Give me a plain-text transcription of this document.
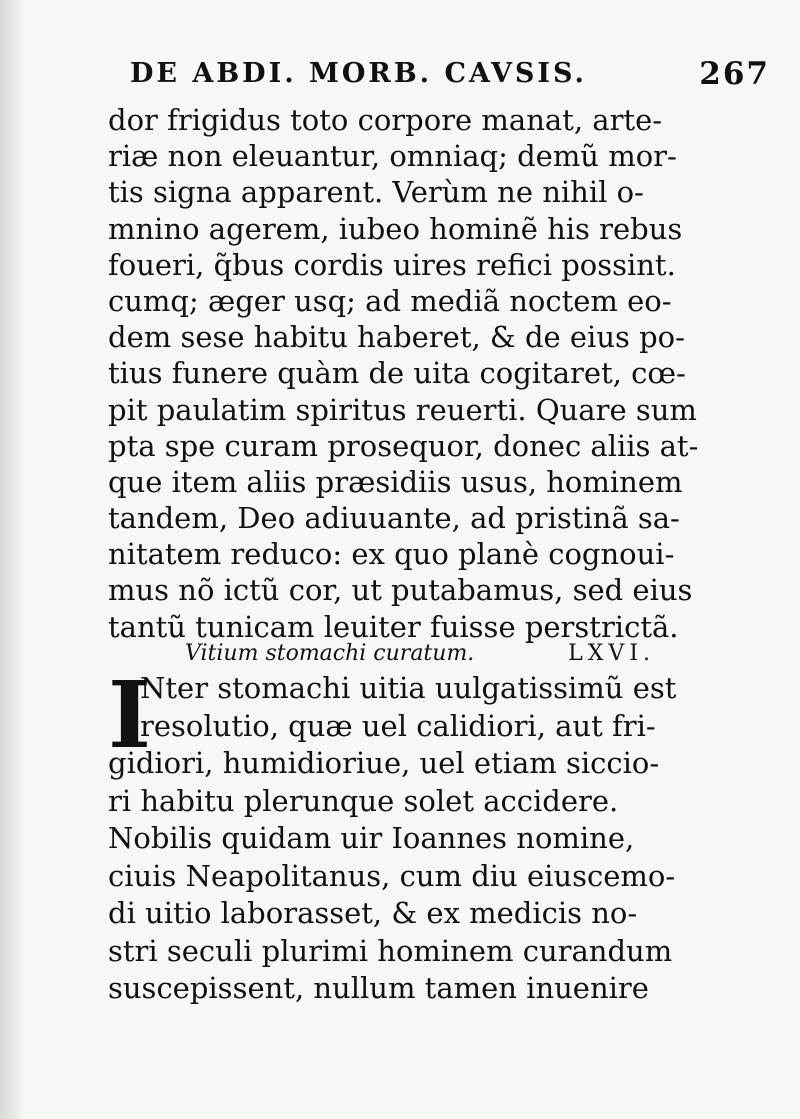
DE ABDI. MORB. CAVSIS.	267
dor frigidus toto corpore manat, arte-
riæ non eleuantur, omniaq; demũ mor-
tis signa apparent. Verùm ne nihil o-
mnino agerem, iubeo hominẽ his rebus
foueri, q̃bus cordis uires refici possint.
cumq; æger usq; ad mediã noctem eo-
dem sese habitu haberet, & de eius po-
tius funere quàm de uita cogitaret, cœ-
pit paulatim spiritus reuerti. Quare sum
pta spe curam prosequor, donec aliis at-
que item aliis præsidiis usus, hominem
tandem, Deo adiuuante, ad pristinã sa-
nitatem reduco: ex quo planè cognoui-
mus nõ ictũ cor, ut putabamus, sed eius
tantũ tunicam leuiter fuisse perstrictã.
Vitium stomachi curatum.	LXVI.
I
Nter stomachi uitia uulgatissimũ est
resolutio, quæ uel calidiori, aut fri-
gidiori, humidioriue, uel etiam siccio-
ri habitu plerunque solet accidere.
Nobilis quidam uir Ioannes nomine,
ciuis Neapolitanus, cum diu eiuscemo-
di uitio laborasset, & ex medicis no-
stri seculi plurimi hominem curandum
suscepissent, nullum tamen inuenire
